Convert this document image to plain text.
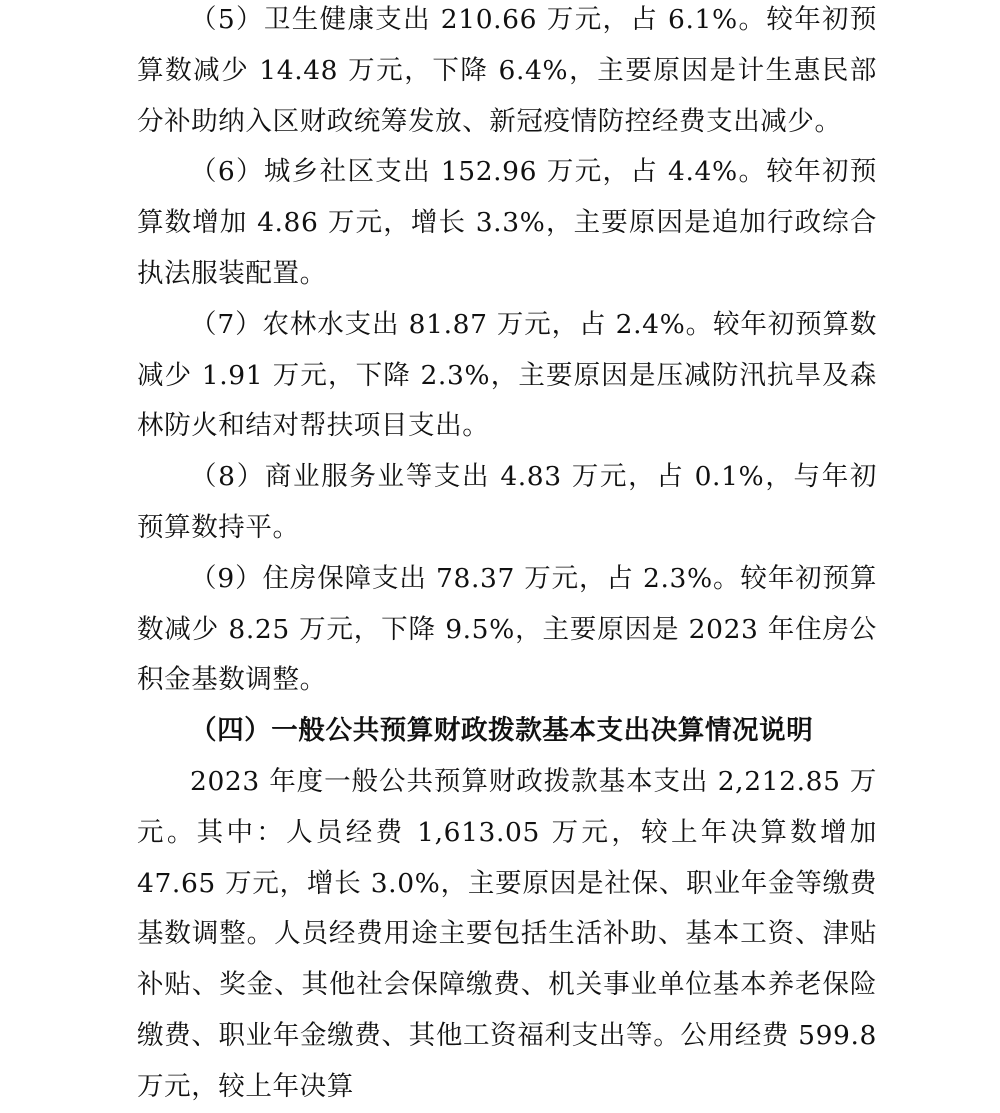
（5）卫生健康支出 210.66 万元，占 6.1%。较年初预算数减少 14.48 万元，下降 6.4%，主要原因是计生惠民部分补助纳入区财政统筹发放、新冠疫情防控经费支出减少。

（6）城乡社区支出 152.96 万元，占 4.4%。较年初预算数增加 4.86 万元，增长 3.3%，主要原因是追加行政综合执法服装配置。

（7）农林水支出 81.87 万元，占 2.4%。较年初预算数减少 1.91 万元，下降 2.3%，主要原因是压减防汛抗旱及森林防火和结对帮扶项目支出。

（8）商业服务业等支出 4.83 万元，占 0.1%，与年初预算数持平。

（9）住房保障支出 78.37 万元，占 2.3%。较年初预算数减少 8.25 万元，下降 9.5%，主要原因是 2023 年住房公积金基数调整。

（四）一般公共预算财政拨款基本支出决算情况说明

2023 年度一般公共预算财政拨款基本支出 2,212.85 万元。其中：人员经费 1,613.05 万元，较上年决算数增加 47.65 万元，增长 3.0%，主要原因是社保、职业年金等缴费基数调整。人员经费用途主要包括生活补助、基本工资、津贴补贴、奖金、其他社会保障缴费、机关事业单位基本养老保险缴费、职业年金缴费、其他工资福利支出等。公用经费 599.8 万元，较上年决算
